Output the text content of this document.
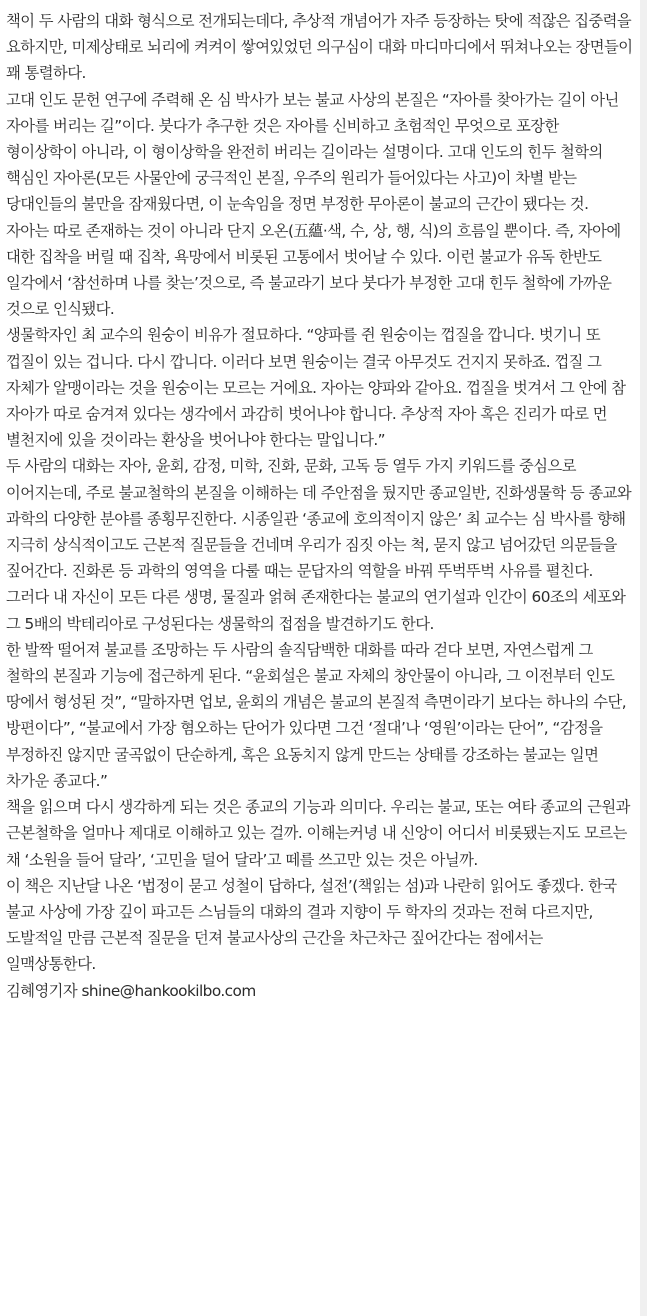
책이 두 사람의 대화 형식으로 전개되는데다, 추상적 개념어가 자주 등장하는 탓에 적잖은 집중력을 요하지만, 미제상태로 뇌리에 켜켜이 쌓여있었던 의구심이 대화 마디마디에서 뛰쳐나오는 장면들이 꽤 통렬하다.

고대 인도 문헌 연구에 주력해 온 심 박사가 보는 불교 사상의 본질은 “자아를 찾아가는 길이 아닌 자아를 버리는 길”이다. 붓다가 추구한 것은 자아를 신비하고 초험적인 무엇으로 포장한 형이상학이 아니라, 이 형이상학을 완전히 버리는 길이라는 설명이다. 고대 인도의 힌두 철학의 핵심인 자아론(모든 사물안에 궁극적인 본질, 우주의 원리가 들어있다는 사고)이 차별 받는 당대인들의 불만을 잠재웠다면, 이 눈속임을 정면 부정한 무아론이 불교의 근간이 됐다는 것. 자아는 따로 존재하는 것이 아니라 단지 오온(五蘊‧색, 수, 상, 행, 식)의 흐름일 뿐이다. 즉, 자아에 대한 집착을 버릴 때 집착, 욕망에서 비롯된 고통에서 벗어날 수 있다. 이런 불교가 유독 한반도 일각에서 ‘참선하며 나를 찾는’것으로, 즉 불교라기 보다 붓다가 부정한 고대 힌두 철학에 가까운 것으로 인식됐다.

생물학자인 최 교수의 원숭이 비유가 절묘하다. “양파를 쥔 원숭이는 껍질을 깝니다. 벗기니 또 껍질이 있는 겁니다. 다시 깝니다. 이러다 보면 원숭이는 결국 아무것도 건지지 못하죠. 껍질 그 자체가 알맹이라는 것을 원숭이는 모르는 거에요. 자아는 양파와 같아요. 껍질을 벗겨서 그 안에 참 자아가 따로 숨겨져 있다는 생각에서 과감히 벗어나야 합니다. 추상적 자아 혹은 진리가 따로 먼 별천지에 있을 것이라는 환상을 벗어나야 한다는 말입니다.”

두 사람의 대화는 자아, 윤회, 감정, 미학, 진화, 문화, 고독 등 열두 가지 키워드를 중심으로 이어지는데, 주로 불교철학의 본질을 이해하는 데 주안점을 뒀지만 종교일반, 진화생물학 등 종교와 과학의 다양한 분야를 종횡무진한다. 시종일관 ‘종교에 호의적이지 않은’ 최 교수는 심 박사를 향해 지극히 상식적이고도 근본적 질문들을 건네며 우리가 짐짓 아는 척, 묻지 않고 넘어갔던 의문들을 짚어간다. 진화론 등 과학의 영역을 다룰 때는 문답자의 역할을 바꿔 뚜벅뚜벅 사유를 펼친다. 그러다 내 자신이 모든 다른 생명, 물질과 얽혀 존재한다는 불교의 연기설과 인간이 60조의 세포와 그 5배의 박테리아로 구성된다는 생물학의 접점을 발견하기도 한다.

한 발짝 떨어져 불교를 조망하는 두 사람의 솔직담백한 대화를 따라 걷다 보면, 자연스럽게 그 철학의 본질과 기능에 접근하게 된다. “윤회설은 불교 자체의 창안물이 아니라, 그 이전부터 인도 땅에서 형성된 것”, “말하자면 업보, 윤회의 개념은 불교의 본질적 측면이라기 보다는 하나의 수단, 방편이다”, “불교에서 가장 혐오하는 단어가 있다면 그건 ‘절대’나 ‘영원’이라는 단어”, “감정을 부정하진 않지만 굴곡없이 단순하게, 혹은 요동치지 않게 만드는 상태를 강조하는 불교는 일면 차가운 종교다.”

책을 읽으며 다시 생각하게 되는 것은 종교의 기능과 의미다. 우리는 불교, 또는 여타 종교의 근원과 근본철학을 얼마나 제대로 이해하고 있는 걸까. 이해는커녕 내 신앙이 어디서 비롯됐는지도 모르는 채 ‘소원을 들어 달라’, ‘고민을 덜어 달라’고 떼를 쓰고만 있는 것은 아닐까.

이 책은 지난달 나온 ‘법정이 묻고 성철이 답하다, 설전’(책읽는 섬)과 나란히 읽어도 좋겠다. 한국 불교 사상에 가장 깊이 파고든 스님들의 대화의 결과 지향이 두 학자의 것과는 전혀 다르지만, 도발적일 만큼 근본적 질문을 던져 불교사상의 근간을 차근차근 짚어간다는 점에서는 일맥상통한다.

김혜영기자 shine@hankookilbo.com
